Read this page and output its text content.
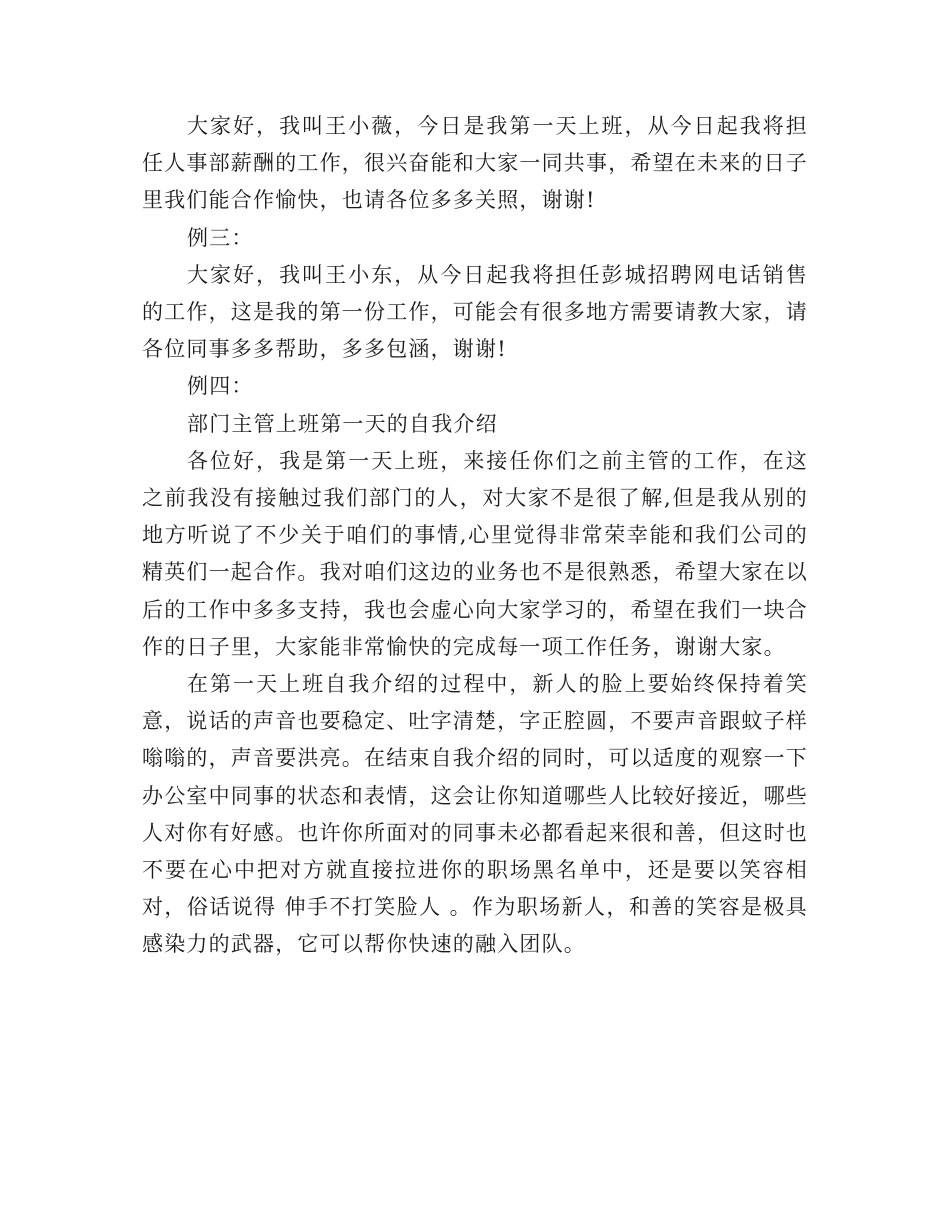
大家好，我叫王小薇，今日是我第一天上班，从今日起我将担任人事部薪酬的工作，很兴奋能和大家一同共事，希望在未来的日子里我们能合作愉快，也请各位多多关照，谢谢!

例三：

大家好，我叫王小东，从今日起我将担任彭城招聘网电话销售的工作，这是我的第一份工作，可能会有很多地方需要请教大家，请各位同事多多帮助，多多包涵，谢谢!

例四：

部门主管上班第一天的自我介绍

各位好，我是第一天上班，来接任你们之前主管的工作，在这之前我没有接触过我们部门的人，对大家不是很了解,但是我从别的地方听说了不少关于咱们的事情,心里觉得非常荣幸能和我们公司的精英们一起合作。我对咱们这边的业务也不是很熟悉，希望大家在以后的工作中多多支持，我也会虚心向大家学习的，希望在我们一块合作的日子里，大家能非常愉快的完成每一项工作任务，谢谢大家。

在第一天上班自我介绍的过程中，新人的脸上要始终保持着笑意，说话的声音也要稳定、吐字清楚，字正腔圆，不要声音跟蚊子样嗡嗡的，声音要洪亮。在结束自我介绍的同时，可以适度的观察一下办公室中同事的状态和表情，这会让你知道哪些人比较好接近，哪些人对你有好感。也许你所面对的同事未必都看起来很和善，但这时也不要在心中把对方就直接拉进你的职场黑名单中，还是要以笑容相对，俗话说得 伸手不打笑脸人 。作为职场新人，和善的笑容是极具感染力的武器，它可以帮你快速的融入团队。
